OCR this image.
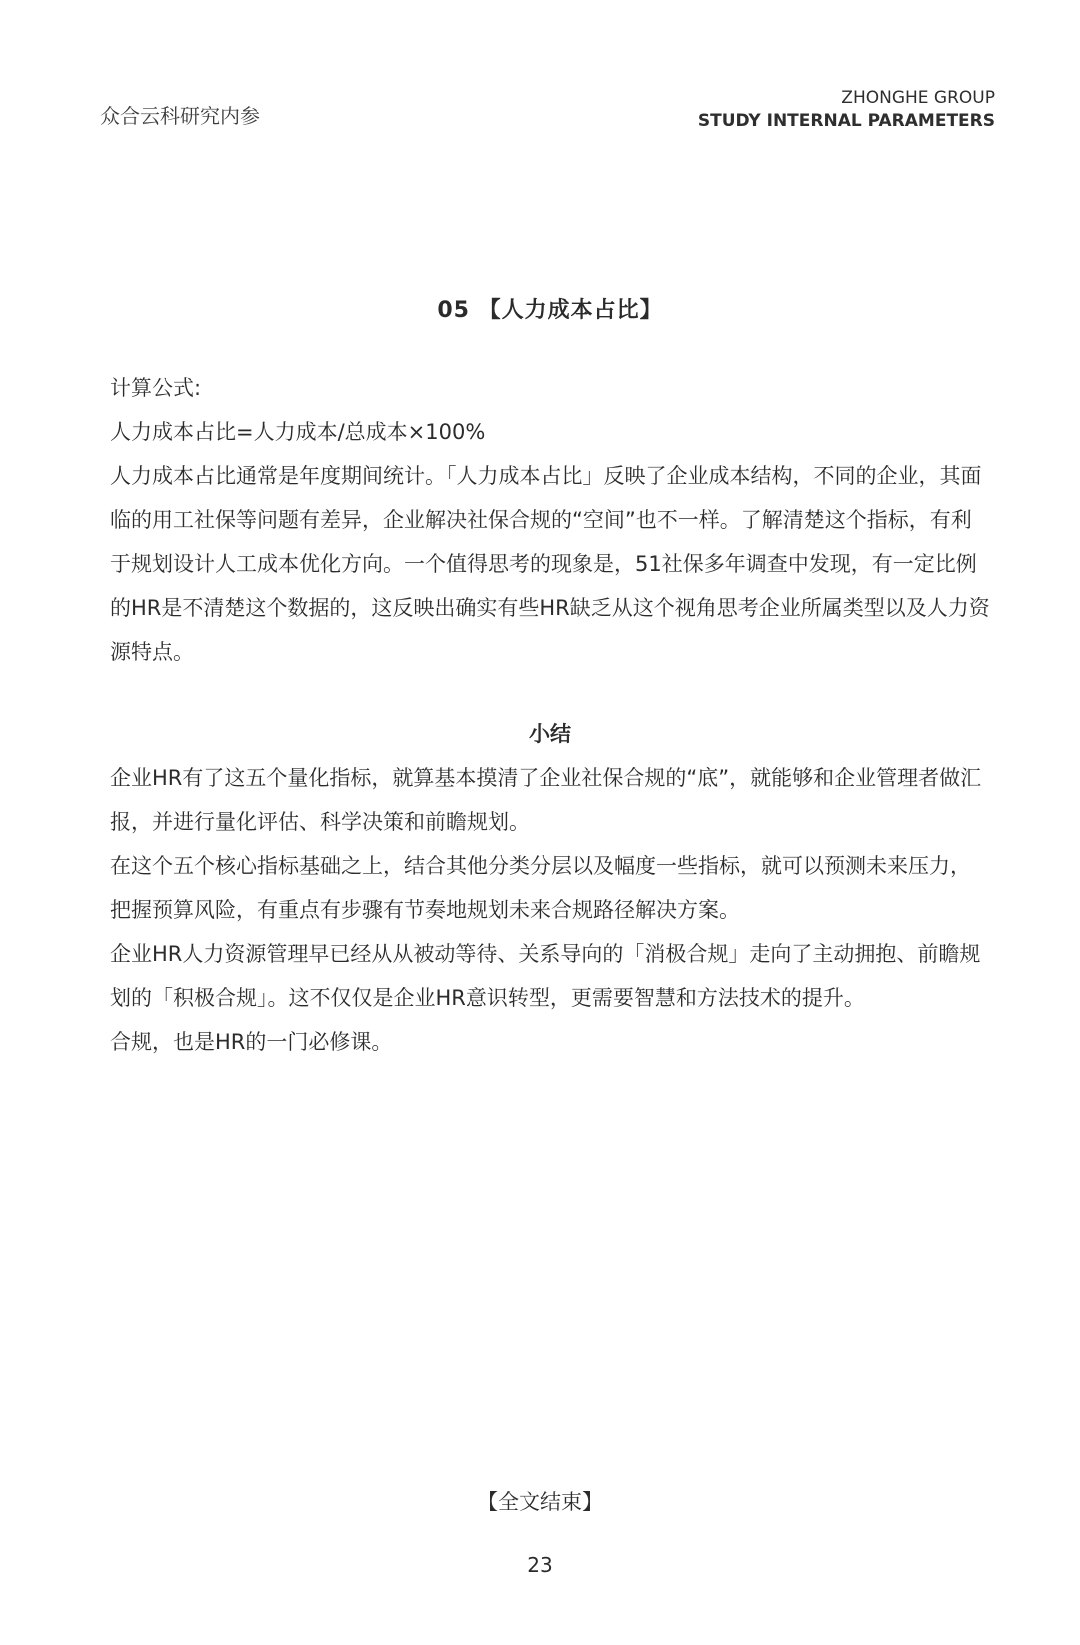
众合云科研究内参
ZHONGHE GROUP
STUDY INTERNAL PARAMETERS
05 【人力成本占比】

计算公式:

人力成本占比=人力成本/总成本×100%

人力成本占比通常是年度期间统计。「人力成本占比」反映了企业成本结构，不同的企业，其面临的用工社保等问题有差异，企业解决社保合规的“空间”也不一样。了解清楚这个指标，有利于规划设计人工成本优化方向。一个值得思考的现象是，51社保多年调查中发现，有一定比例的HR是不清楚这个数据的，这反映出确实有些HR缺乏从这个视角思考企业所属类型以及人力资源特点。

小结

企业HR有了这五个量化指标，就算基本摸清了企业社保合规的“底”，就能够和企业管理者做汇报，并进行量化评估、科学决策和前瞻规划。

在这个五个核心指标基础之上，结合其他分类分层以及幅度一些指标，就可以预测未来压力，把握预算风险，有重点有步骤有节奏地规划未来合规路径解决方案。

企业HR人力资源管理早已经从从被动等待、关系导向的「消极合规」走向了主动拥抱、前瞻规划的「积极合规」。这不仅仅是企业HR意识转型，更需要智慧和方法技术的提升。

合规，也是HR的一门必修课。

【全文结束】
23
